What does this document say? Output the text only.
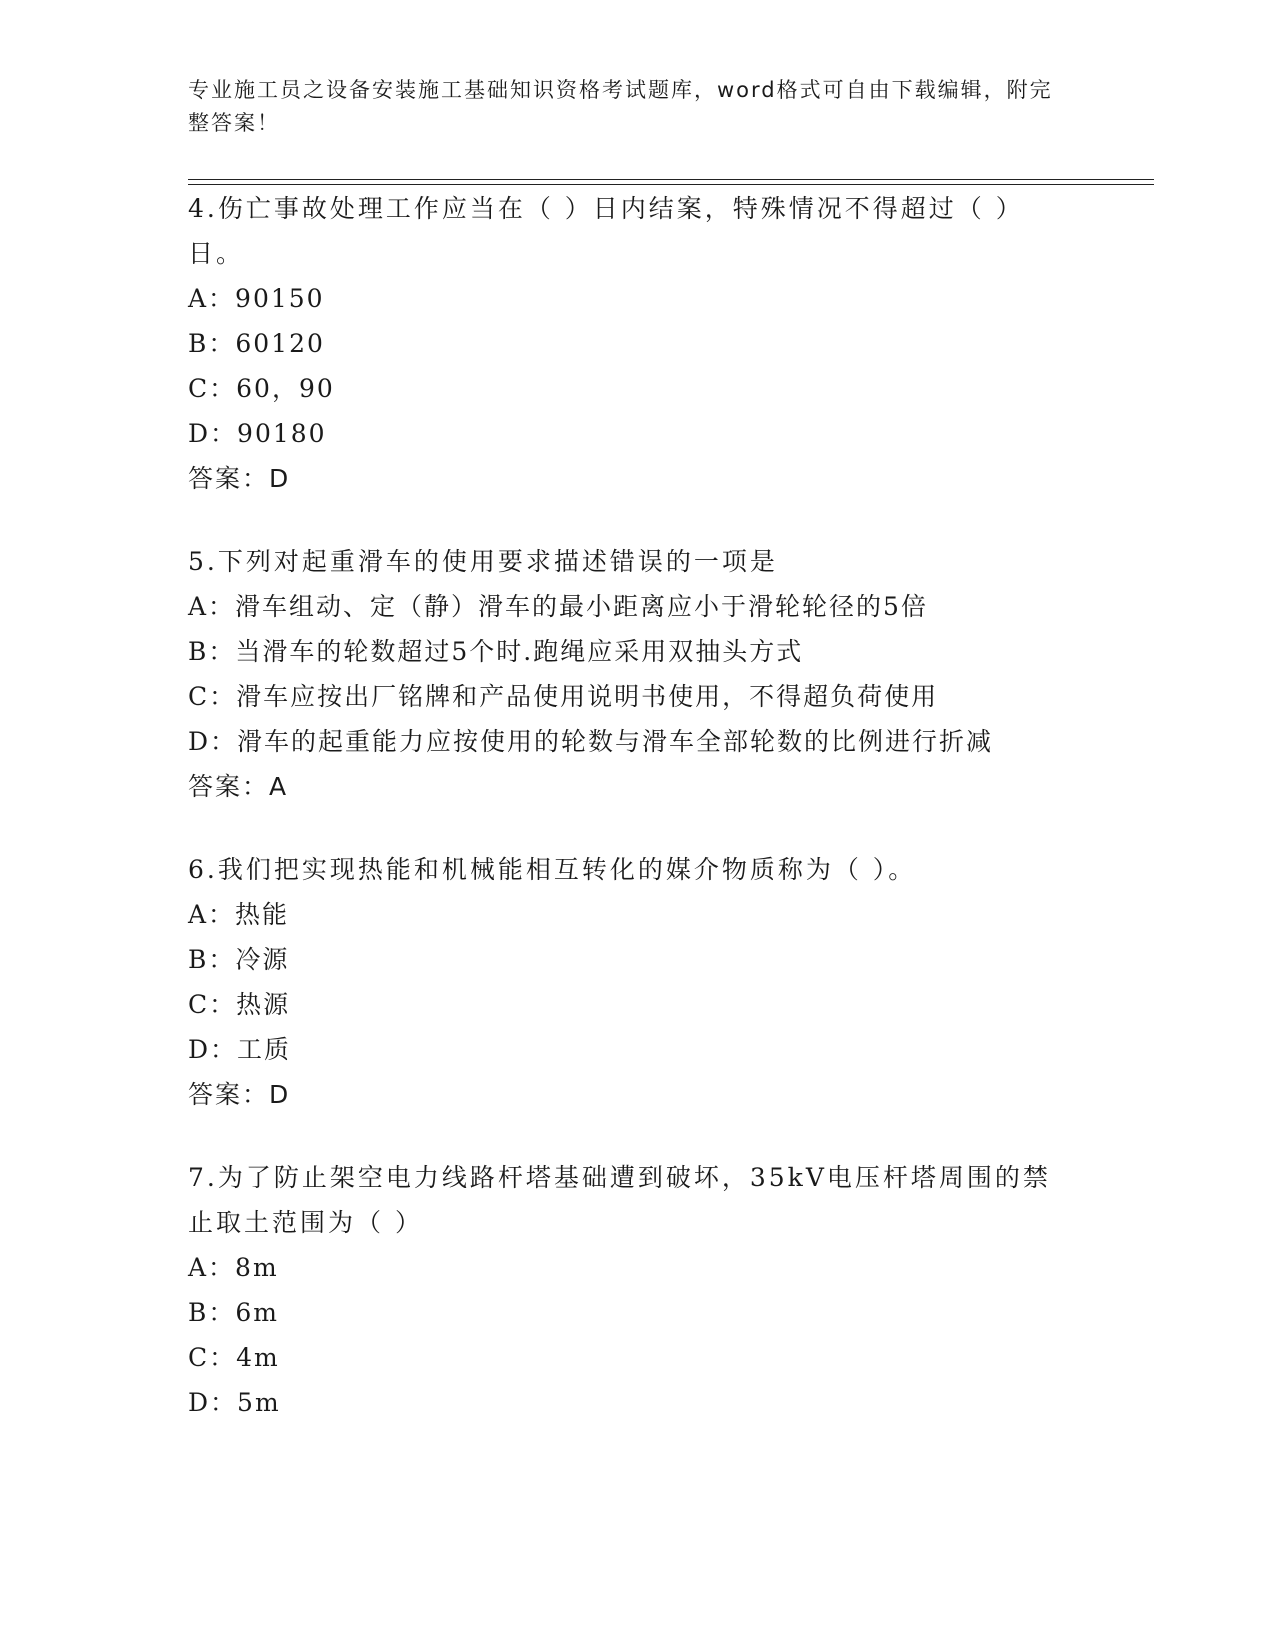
专业施工员之设备安装施工基础知识资格考试题库，word格式可自由下载编辑，附完整答案！

4.伤亡事故处理工作应当在（ ）日内结案，特殊情况不得超过（ ）日。

A：90150

B：60120

C：60，90

D：90180

答案：D

5.下列对起重滑车的使用要求描述错误的一项是

A：滑车组动、定（静）滑车的最小距离应小于滑轮轮径的5倍

B：当滑车的轮数超过5个时.跑绳应采用双抽头方式

C：滑车应按出厂铭牌和产品使用说明书使用，不得超负荷使用

D：滑车的起重能力应按使用的轮数与滑车全部轮数的比例进行折减

答案：A

6.我们把实现热能和机械能相互转化的媒介物质称为（ ）。

A：热能

B：冷源

C：热源

D：工质

答案：D

7.为了防止架空电力线路杆塔基础遭到破坏，35kV电压杆塔周围的禁止取土范围为（ ）

A：8m

B：6m

C：4m

D：5m
